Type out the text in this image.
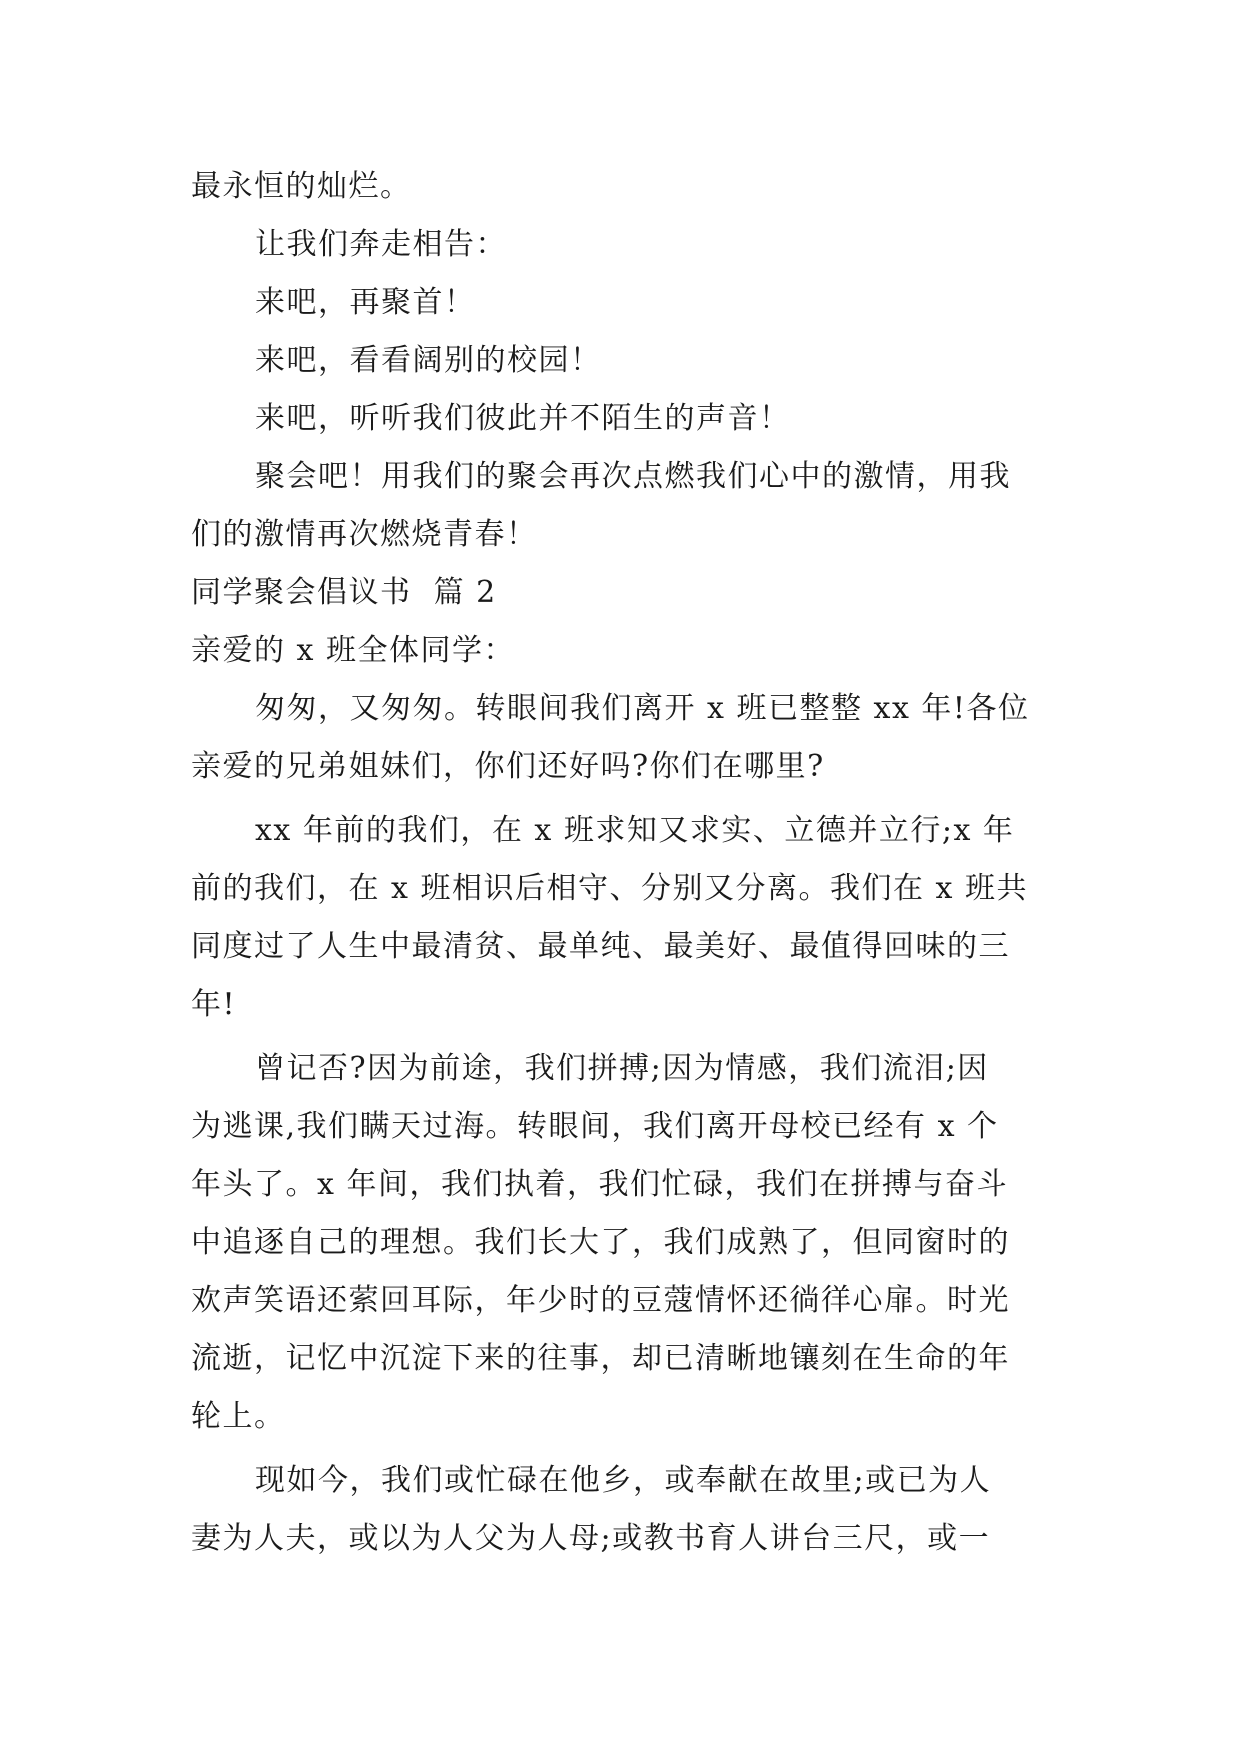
最永恒的灿烂。
让我们奔走相告：
来吧，再聚首！
来吧，看看阔别的校园！
来吧，听听我们彼此并不陌生的声音！
聚会吧！用我们的聚会再次点燃我们心中的激情，用我
们的激情再次燃烧青春！
同学聚会倡议书  篇 2
亲爱的 x 班全体同学：
匆匆，又匆匆。转眼间我们离开 x 班已整整 xx 年!各位
亲爱的兄弟姐妹们，你们还好吗?你们在哪里?
xx 年前的我们，在 x 班求知又求实、立德并立行;x 年
前的我们，在 x 班相识后相守、分别又分离。我们在 x 班共
同度过了人生中最清贫、最单纯、最美好、最值得回味的三
年!
曾记否?因为前途，我们拼搏;因为情感，我们流泪;因
为逃课,我们瞒天过海。转眼间，我们离开母校已经有 x 个
年头了。x 年间，我们执着，我们忙碌，我们在拼搏与奋斗
中追逐自己的理想。我们长大了，我们成熟了，但同窗时的
欢声笑语还萦回耳际，年少时的豆蔻情怀还徜徉心扉。时光
流逝，记忆中沉淀下来的往事，却已清晰地镶刻在生命的年
轮上。
现如今，我们或忙碌在他乡，或奉献在故里;或已为人
妻为人夫，或以为人父为人母;或教书育人讲台三尺，或一
